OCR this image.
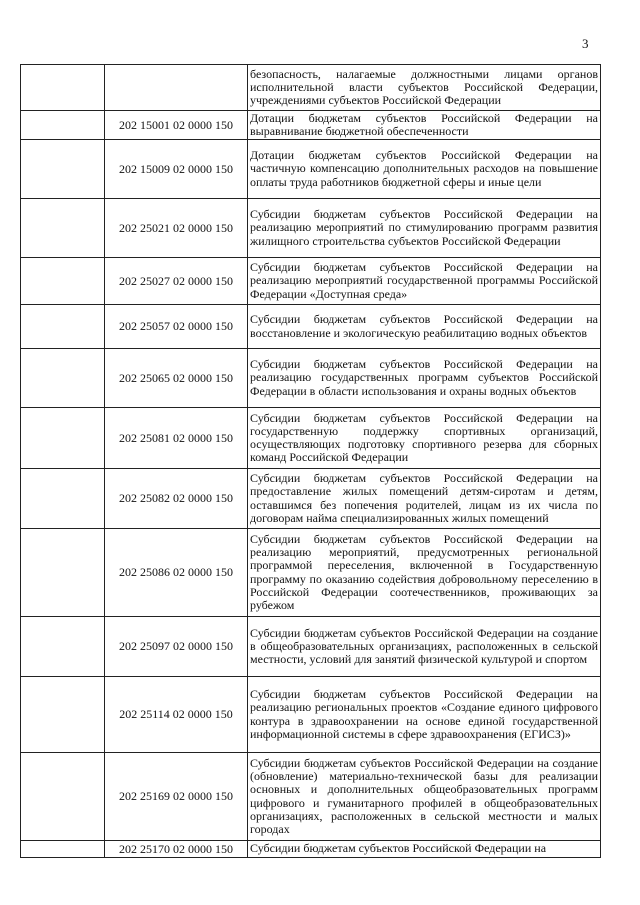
3
		безопасность, налагаемые должностными лицами органов исполнительной власти субъектов Российской Федерации, учреждениями субъектов Российской Федерации
	202 15001 02 0000 150	Дотации бюджетам субъектов Российской Федерации на выравнивание бюджетной обеспеченности
	202 15009 02 0000 150	Дотации бюджетам субъектов Российской Федерации на частичную компенсацию дополнительных расходов на повышение оплаты труда работников бюджетной сферы и иные цели
	202 25021 02 0000 150	Субсидии бюджетам субъектов Российской Федерации на реализацию мероприятий по стимулированию программ развития жилищного строительства субъектов Российской Федерации
	202 25027 02 0000 150	Субсидии бюджетам субъектов Российской Федерации на реализацию мероприятий государственной программы Российской Федерации «Доступная среда»
	202 25057 02 0000 150	Субсидии бюджетам субъектов Российской Федерации на восстановление и экологическую реабилитацию водных объектов
	202 25065 02 0000 150	Субсидии бюджетам субъектов Российской Федерации на реализацию государственных программ субъектов Российской Федерации в области использования и охраны водных объектов
	202 25081 02 0000 150	Субсидии бюджетам субъектов Российской Федерации на государственную поддержку спортивных организаций, осуществляющих подготовку спортивного резерва для сборных команд Российской Федерации
	202 25082 02 0000 150	Субсидии бюджетам субъектов Российской Федерации на предоставление жилых помещений детям-сиротам и детям, оставшимся без попечения родителей, лицам из их числа по договорам найма специализированных жилых помещений
	202 25086 02 0000 150	Субсидии бюджетам субъектов Российской Федерации на реализацию мероприятий, предусмотренных региональной программой переселения, включенной в Государственную программу по оказанию содействия добровольному переселению в Российской Федерации соотечественников, проживающих за рубежом
	202 25097 02 0000 150	Субсидии бюджетам субъектов Российской Федерации на создание в общеобразовательных организациях, расположенных в сельской местности, условий для занятий физической культурой и спортом
	202 25114 02 0000 150	Субсидии бюджетам субъектов Российской Федерации на реализацию региональных проектов «Создание единого цифрового контура в здравоохранении на основе единой государственной информационной системы в сфере здравоохранения (ЕГИСЗ)»
	202 25169 02 0000 150	Субсидии бюджетам субъектов Российской Федерации на создание (обновление) материально-технической базы для реализации основных и дополнительных общеобразовательных программ цифрового и гуманитарного профилей в общеобразовательных организациях, расположенных в сельской местности и малых городах
	202 25170 02 0000 150	Субсидии бюджетам субъектов Российской Федерации на
